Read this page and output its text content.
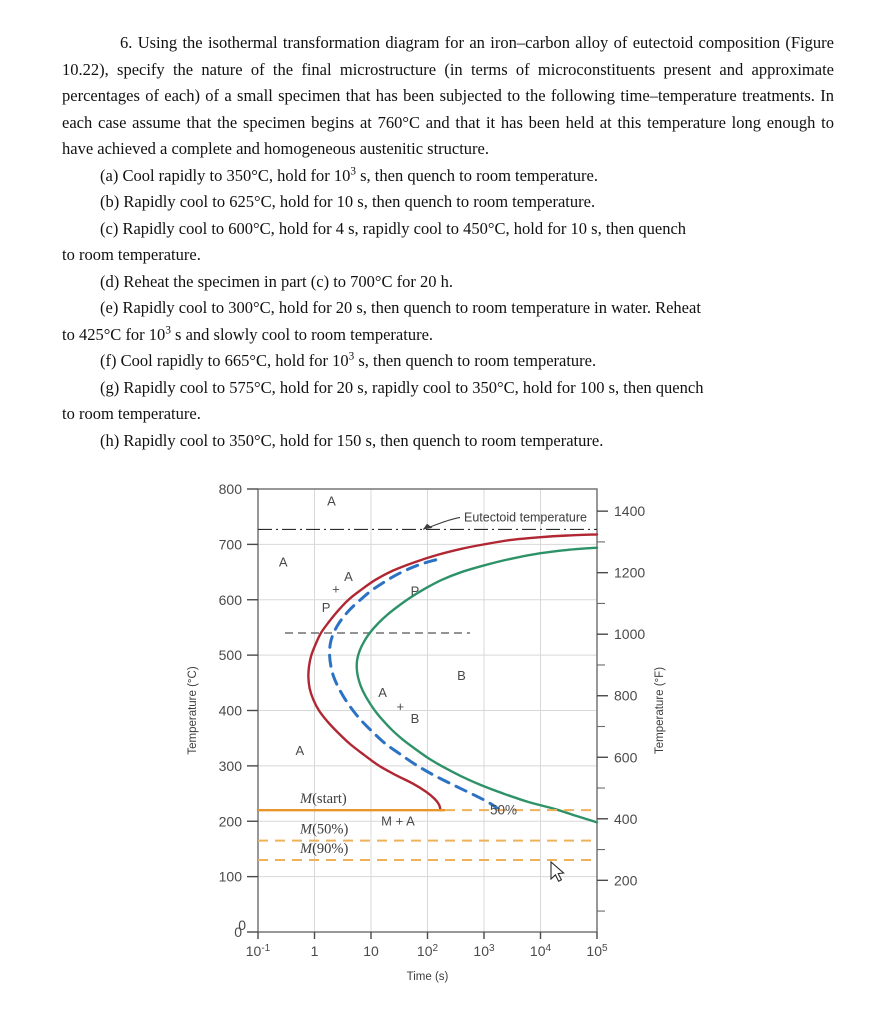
6. Using the isothermal transformation diagram for an iron–carbon alloy of eutectoid composition (Figure 10.22), specify the nature of the final microstructure (in terms of microconstituents present and approximate percentages of each) of a small specimen that has been subjected to the following time–temperature treatments. In each case assume that the specimen begins at 760°C and that it has been held at this temperature long enough to have achieved a complete and homogeneous austenitic structure.

(a) Cool rapidly to 350°C, hold for $10^3$ s, then quench to room temperature.

(b) Rapidly cool to 625°C, hold for 10 s, then quench to room temperature.

(c) Rapidly cool to 600°C, hold for 4 s, rapidly cool to 450°C, hold for 10 s, then quench

to room temperature.

(d) Reheat the specimen in part (c) to 700°C for 20 h.

(e) Rapidly cool to 300°C, hold for 20 s, then quench to room temperature in water. Reheat

to 425°C for $10^3$ s and slowly cool to room temperature.

(f) Cool rapidly to 665°C, hold for $10^3$ s, then quench to room temperature.

(g) Rapidly cool to 575°C, hold for 20 s, rapidly cool to 350°C, hold for 100 s, then quench

to room temperature.

(h) Rapidly cool to 350°C, hold for 150 s, then quench to room temperature.

0
100
200
300
400
500
600
700
800
Temperature (°C)
200
400
600
800
1000
1200
1400
Temperature (°F)
$10^{-1}$	1	10	$10^2$	$10^3$	$10^4$	$10^5$
Time (s)
0
Eutectoid temperature
M(start)
M(50%)
M(90%)
A
A
A
P
B
M + A
A
+
P
A
+
B
50%
